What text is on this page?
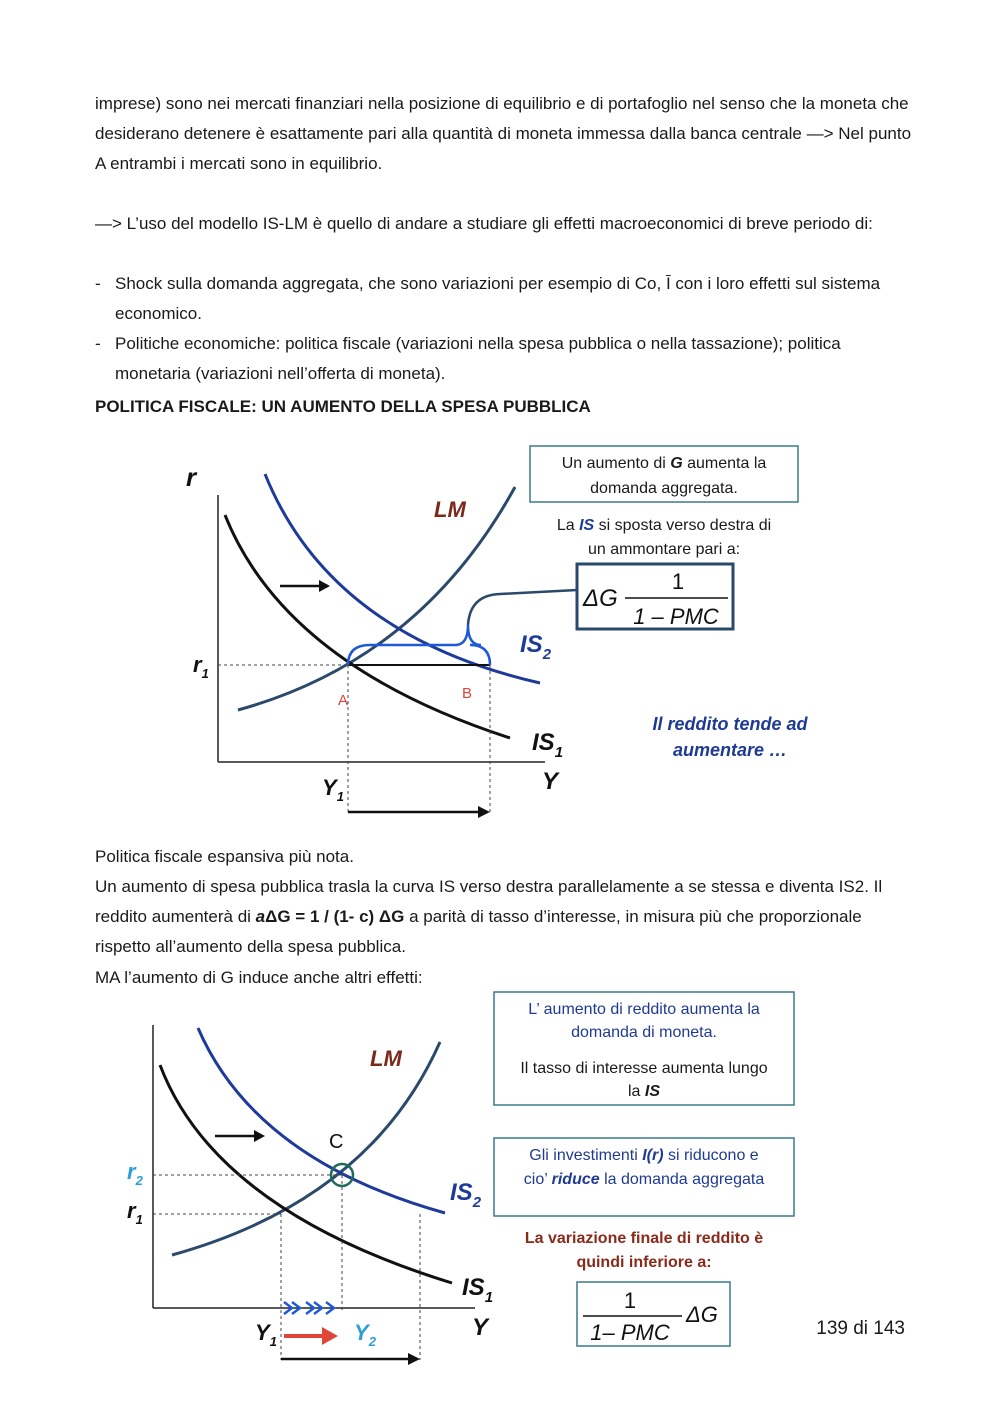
imprese) sono nei mercati finanziari nella posizione di equilibrio e di portafoglio nel senso che la moneta che desiderano detenere è esattamente pari alla quantità di moneta immessa dalla banca centrale —> Nel punto A entrambi i mercati sono in equilibrio.

—> L’uso del modello IS-LM è quello di andare a studiare gli effetti macroeconomici di breve periodo di:

- Shock sulla domanda aggregata, che sono variazioni per esempio di Co, Ī con i loro effetti sul sistema economico.
- Politiche economiche: politica fiscale (variazioni nella spesa pubblica o nella tassazione); politica monetaria (variazioni nell’offerta di moneta).

POLITICA FISCALE: UN AUMENTO DELLA SPESA PUBBLICA

r
Y
LM
$IS_2$
$IS_1$
$r_1$
$Y_1$
A	B
Un aumento di G aumenta la
domanda aggregata.
La IS si sposta verso destra di
un ammontare pari a:
ΔG
1
1 – PMC
Il reddito tende ad
aumentare …

Politica fiscale espansiva più nota.

Un aumento di spesa pubblica trasla la curva IS verso destra parallelamente a se stessa e diventa IS2. Il reddito aumenterà di aΔG = 1 / (1- c) ΔG a parità di tasso d’interesse, in misura più che proporzionale rispetto all’aumento della spesa pubblica.

MA l’aumento di G induce anche altri effetti:

LM
C
$IS_2$
$IS_1$
$r_2$
$r_1$
$Y_1$	$Y_2$
Y
L’ aumento di reddito aumenta la
domanda di moneta.
Il tasso di interesse aumenta lungo
la IS
Gli investimenti I(r) si riducono e
cio’ riduce la domanda aggregata
La variazione finale di reddito è
quindi inferiore a:
1
1– PMC
ΔG
139 di 143
